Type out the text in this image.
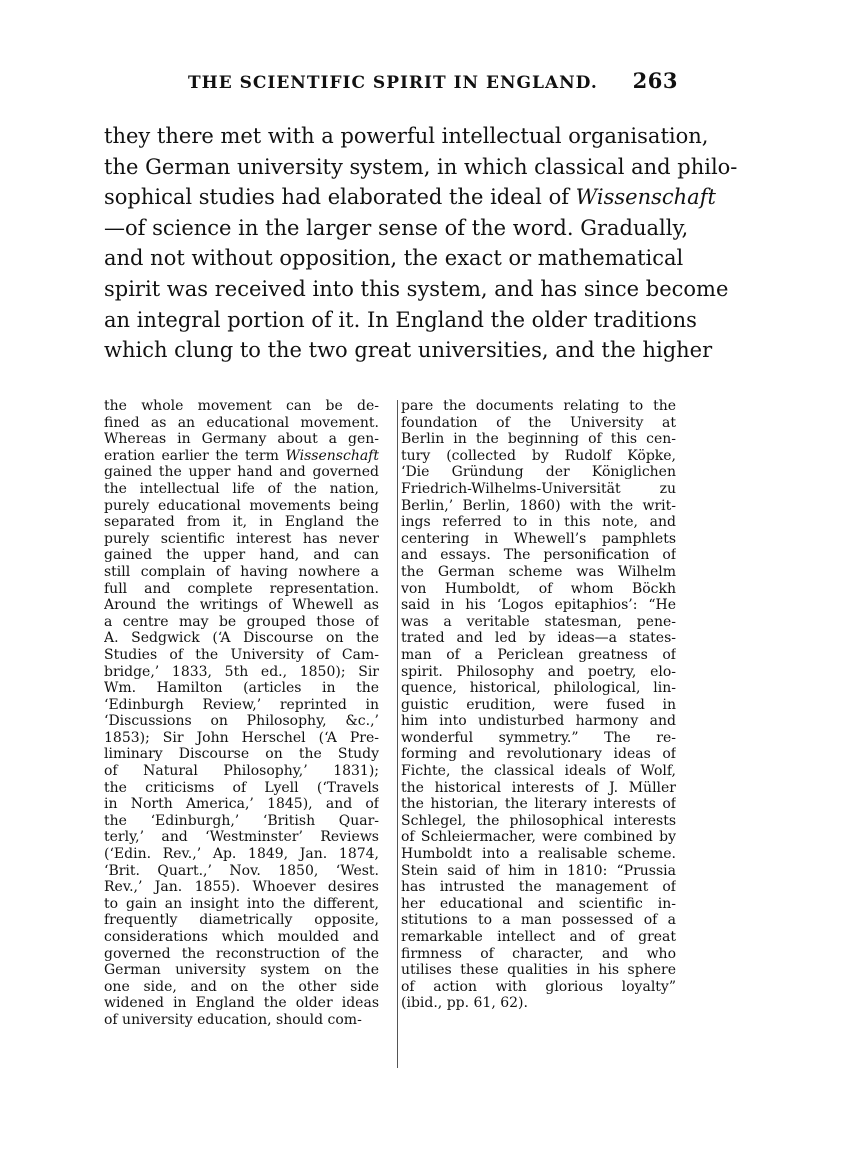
THE SCIENTIFIC SPIRIT IN ENGLAND. 263
they there met with a powerful intellectual organisation,
the German university system, in which classical and philo-
sophical studies had elaborated the ideal of Wissenschaft
—of science in the larger sense of the word. Gradually,
and not without opposition, the exact or mathematical
spirit was received into this system, and has since become
an integral portion of it. In England the older traditions
which clung to the two great universities, and the higher
the whole movement can be de-
fined as an educational movement.
Whereas in Germany about a gen-
eration earlier the term Wissenschaft
gained the upper hand and governed
the intellectual life of the nation,
purely educational movements being
separated from it, in England the
purely scientific interest has never
gained the upper hand, and can
still complain of having nowhere a
full and complete representation.
Around the writings of Whewell as
a centre may be grouped those of
A. Sedgwick (‘A Discourse on the
Studies of the University of Cam-
bridge,’ 1833, 5th ed., 1850); Sir
Wm. Hamilton (articles in the
‘Edinburgh Review,’ reprinted in
‘Discussions on Philosophy, &c.,’
1853); Sir John Herschel (‘A Pre-
liminary Discourse on the Study
of Natural Philosophy,’ 1831);
the criticisms of Lyell (‘Travels
in North America,’ 1845), and of
the ‘Edinburgh,’ ‘British Quar-
terly,’ and ‘Westminster’ Reviews
(‘Edin. Rev.,’ Ap. 1849, Jan. 1874,
‘Brit. Quart.,’ Nov. 1850, ‘West.
Rev.,’ Jan. 1855). Whoever desires
to gain an insight into the different,
frequently diametrically opposite,
considerations which moulded and
governed the reconstruction of the
German university system on the
one side, and on the other side
widened in England the older ideas
of university education, should com-
pare the documents relating to the
foundation of the University at
Berlin in the beginning of this cen-
tury (collected by Rudolf Köpke,
‘Die Gründung der Königlichen
Friedrich-Wilhelms-Universität zu
Berlin,’ Berlin, 1860) with the writ-
ings referred to in this note, and
centering in Whewell’s pamphlets
and essays. The personification of
the German scheme was Wilhelm
von Humboldt, of whom Böckh
said in his ‘Logos epitaphios’: “He
was a veritable statesman, pene-
trated and led by ideas—a states-
man of a Periclean greatness of
spirit. Philosophy and poetry, elo-
quence, historical, philological, lin-
guistic erudition, were fused in
him into undisturbed harmony and
wonderful symmetry.” The re-
forming and revolutionary ideas of
Fichte, the classical ideals of Wolf,
the historical interests of J. Müller
the historian, the literary interests of
Schlegel, the philosophical interests
of Schleiermacher, were combined by
Humboldt into a realisable scheme.
Stein said of him in 1810: “Prussia
has intrusted the management of
her educational and scientific in-
stitutions to a man possessed of a
remarkable intellect and of great
firmness of character, and who
utilises these qualities in his sphere
of action with glorious loyalty”
(ibid., pp. 61, 62).
